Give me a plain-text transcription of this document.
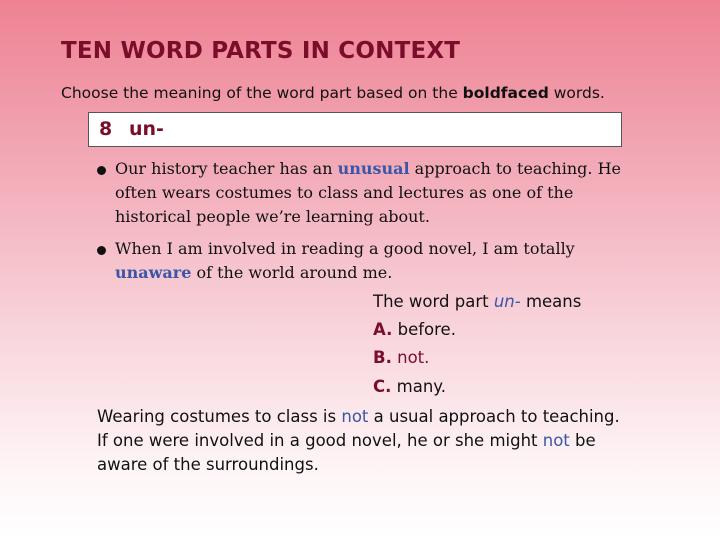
TEN WORD PARTS IN CONTEXT
Choose the meaning of the word part based on the boldfaced words.
8 un-
Our history teacher has an unusual approach to teaching. He often wears costumes to class and lectures as one of the historical people we’re learning about.
When I am involved in reading a good novel, I am totally unaware of the world around me.
The word part un- means
A. before.
B. not.
C. many.
Wearing costumes to class is not a usual approach to teaching.
If one were involved in a good novel, he or she might not be
aware of the surroundings.
